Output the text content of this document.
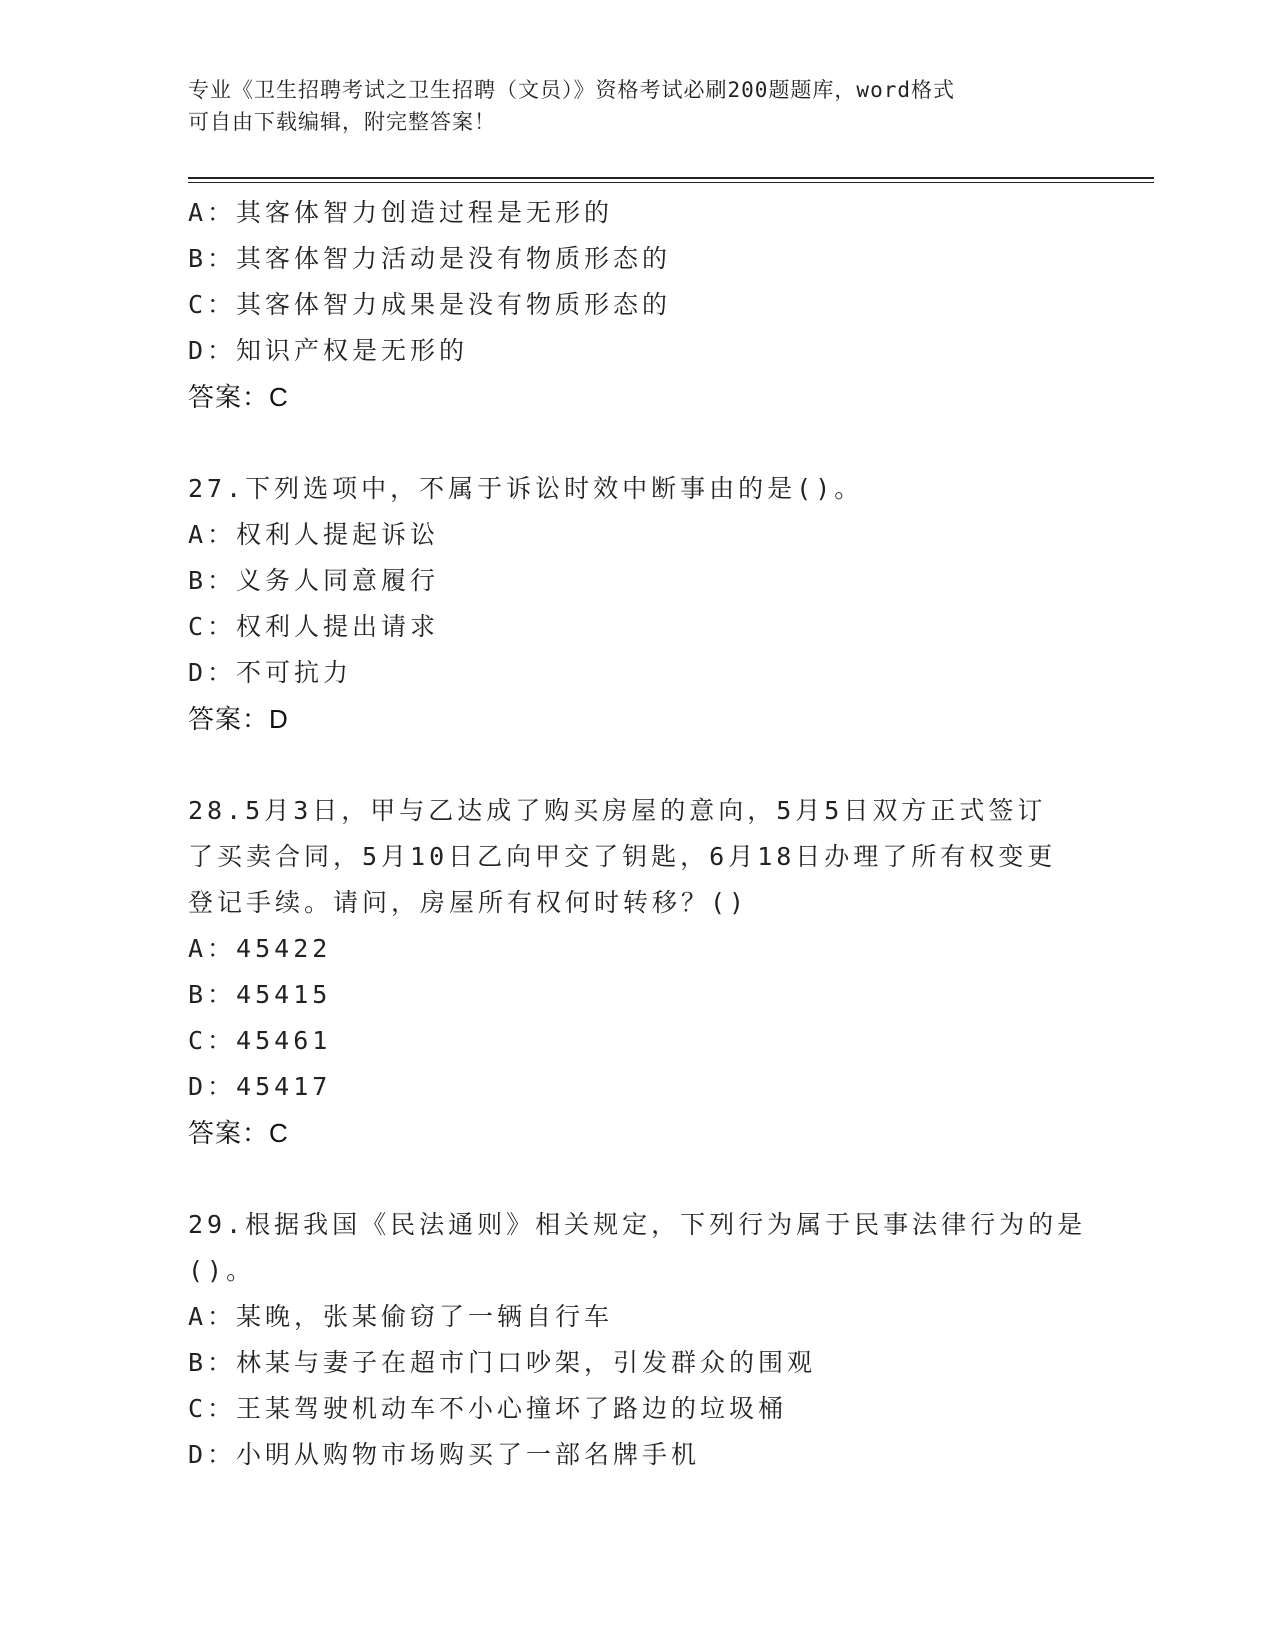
专业《卫生招聘考试之卫生招聘（文员）》资格考试必刷200题题库，word格式
可自由下载编辑，附完整答案！
A：其客体智力创造过程是无形的
B：其客体智力活动是没有物质形态的
C：其客体智力成果是没有物质形态的
D：知识产权是无形的
答案：C
27.下列选项中，不属于诉讼时效中断事由的是()。
A：权利人提起诉讼
B：义务人同意履行
C：权利人提出请求
D：不可抗力
答案：D
28.5月3日，甲与乙达成了购买房屋的意向，5月5日双方正式签订
了买卖合同，5月10日乙向甲交了钥匙，6月18日办理了所有权变更
登记手续。请问，房屋所有权何时转移？()
A：45422
B：45415
C：45461
D：45417
答案：C
29.根据我国《民法通则》相关规定，下列行为属于民事法律行为的是
()。
A：某晚，张某偷窃了一辆自行车
B：林某与妻子在超市门口吵架，引发群众的围观
C：王某驾驶机动车不小心撞坏了路边的垃圾桶
D：小明从购物市场购买了一部名牌手机
